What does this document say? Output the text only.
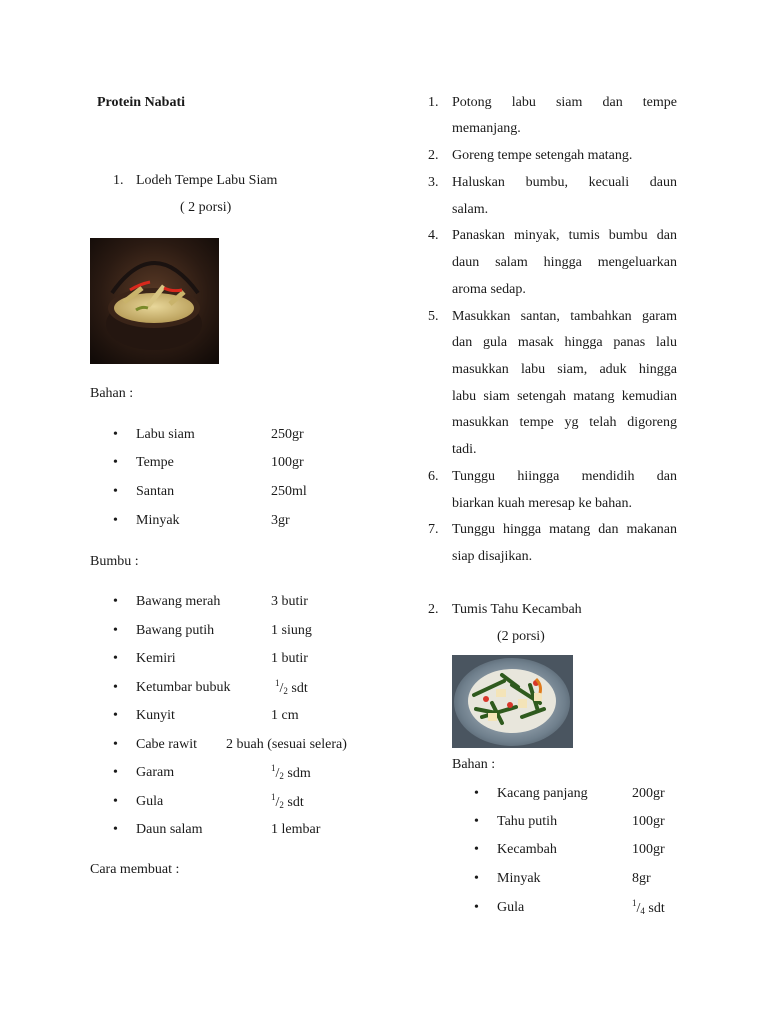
Protein Nabati
1. Lodeh Tempe Labu Siam
( 2 porsi)
Bahan :
• Labu siam	250gr
• Tempe	100gr
• Santan	250ml
• Minyak	3gr
Bumbu :
• Bawang merah	3 butir
• Bawang putih	1 siung
• Kemiri	1 butir
• Ketumbar bubuk	$^1/_2$ sdt
• Kunyit	1 cm
• Cabe rawit 2 buah (sesuai selera)
• Garam	$^1/_2$ sdm
• Gula	$^1/_2$ sdt
• Daun salam	1 lembar
Cara membuat :
1. Potong labu siam dan tempe
memanjang.
2. Goreng tempe setengah matang.
3. Haluskan bumbu, kecuali daun
salam.
4. Panaskan minyak, tumis bumbu dan
daun salam hingga mengeluarkan
aroma sedap.
5. Masukkan santan, tambahkan garam
dan gula masak hingga panas lalu
masukkan labu siam, aduk hingga
labu siam setengah matang kemudian
masukkan tempe yg telah digoreng
tadi.
6. Tunggu hiingga mendidih dan
biarkan kuah meresap ke bahan.
7. Tunggu hingga matang dan makanan
siap disajikan.
2. Tumis Tahu Kecambah
(2 porsi)
Bahan :
• Kacang panjang	200gr
• Tahu putih	100gr
• Kecambah	100gr
• Minyak	8gr
• Gula	$^1/_4$ sdt
